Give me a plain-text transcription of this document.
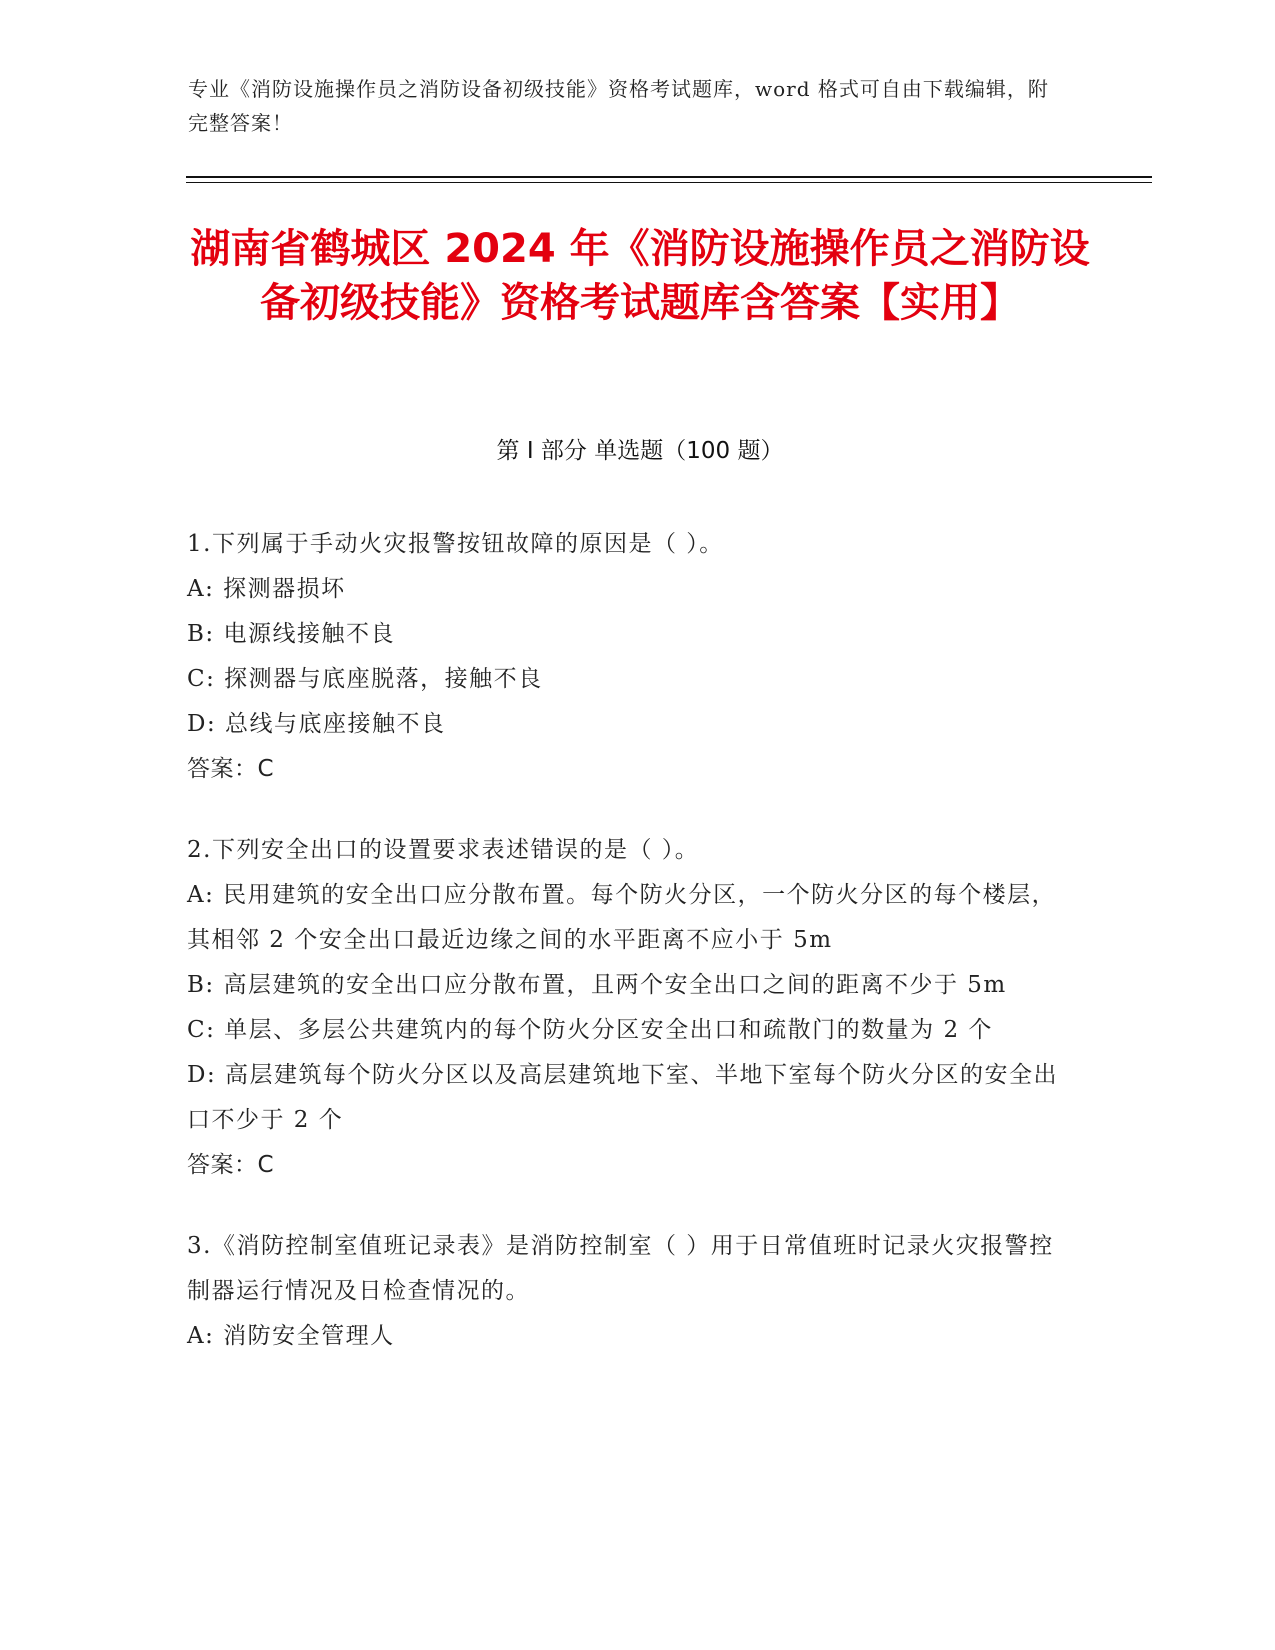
专业《消防设施操作员之消防设备初级技能》资格考试题库，word 格式可自由下载编辑，附完整答案！
湖南省鹤城区 2024 年《消防设施操作员之消防设备初级技能》资格考试题库含答案【实用】
第 I 部分 单选题（100 题）

1.下列属于手动火灾报警按钮故障的原因是（ ）。

A: 探测器损坏

B: 电源线接触不良

C: 探测器与底座脱落，接触不良

D: 总线与底座接触不良

答案：C

2.下列安全出口的设置要求表述错误的是（ ）。

A: 民用建筑的安全出口应分散布置。每个防火分区，一个防火分区的每个楼层，其相邻 2 个安全出口最近边缘之间的水平距离不应小于 5m

B: 高层建筑的安全出口应分散布置，且两个安全出口之间的距离不少于 5m

C: 单层、多层公共建筑内的每个防火分区安全出口和疏散门的数量为 2 个

D: 高层建筑每个防火分区以及高层建筑地下室、半地下室每个防火分区的安全出口不少于 2 个

答案：C

3.《消防控制室值班记录表》是消防控制室（ ）用于日常值班时记录火灾报警控制器运行情况及日检查情况的。

A: 消防安全管理人
